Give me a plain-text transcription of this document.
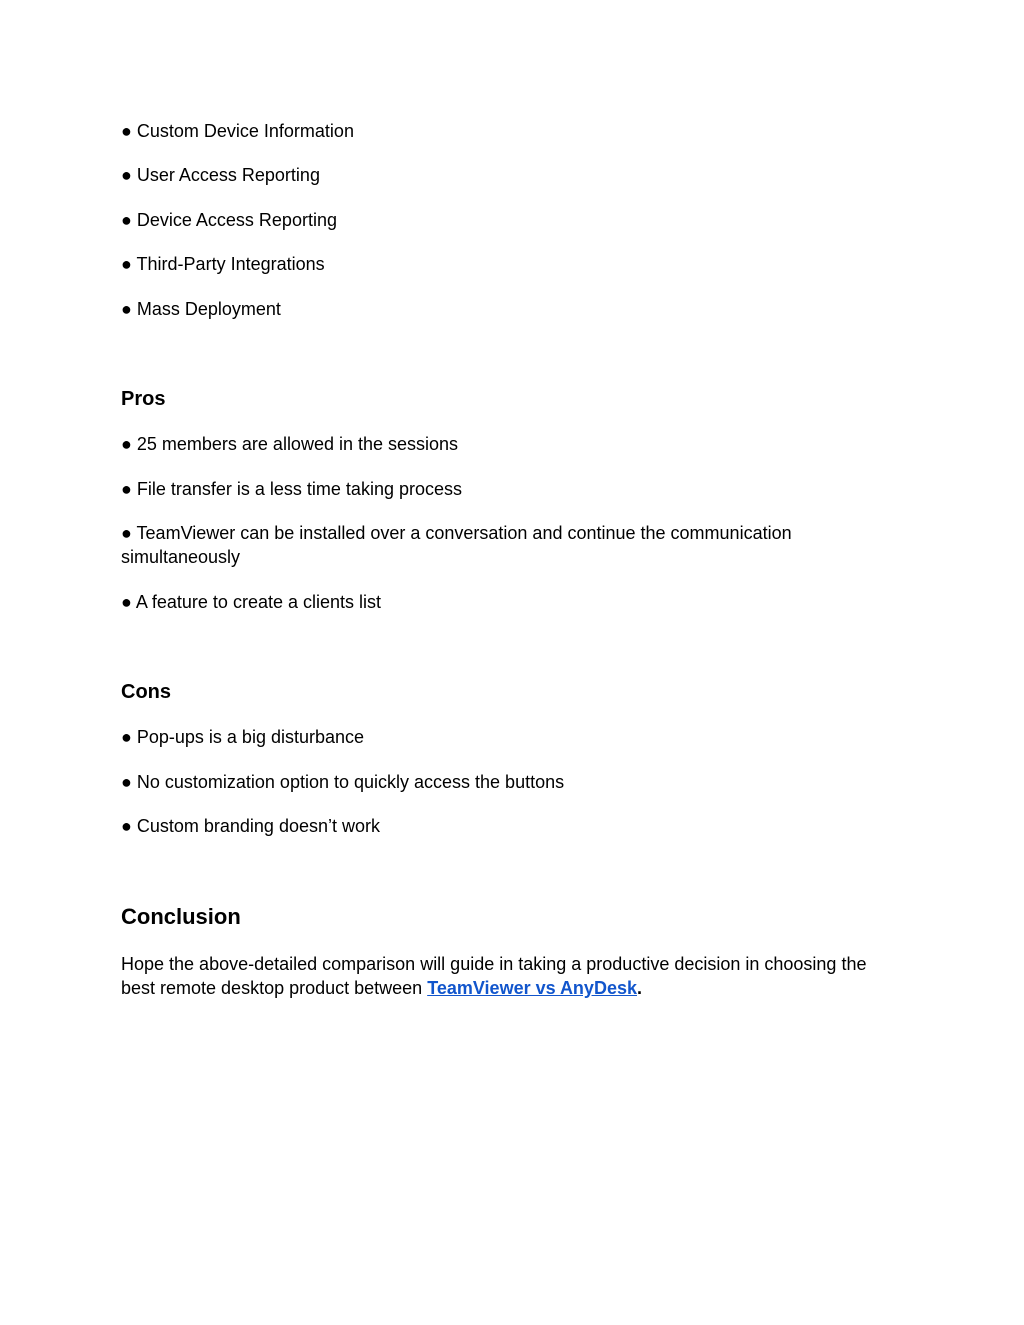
● Custom Device Information
● User Access Reporting
● Device Access Reporting
● Third-Party Integrations
● Mass Deployment
Pros
● 25 members are allowed in the sessions
● File transfer is a less time taking process
● TeamViewer can be installed over a conversation and continue the communication simultaneously
● A feature to create a clients list
Cons
● Pop-ups is a big disturbance
● No customization option to quickly access the buttons
● Custom branding doesn’t work
Conclusion
Hope the above-detailed comparison will guide in taking a productive decision in choosing the
best remote desktop product between TeamViewer vs AnyDesk.
